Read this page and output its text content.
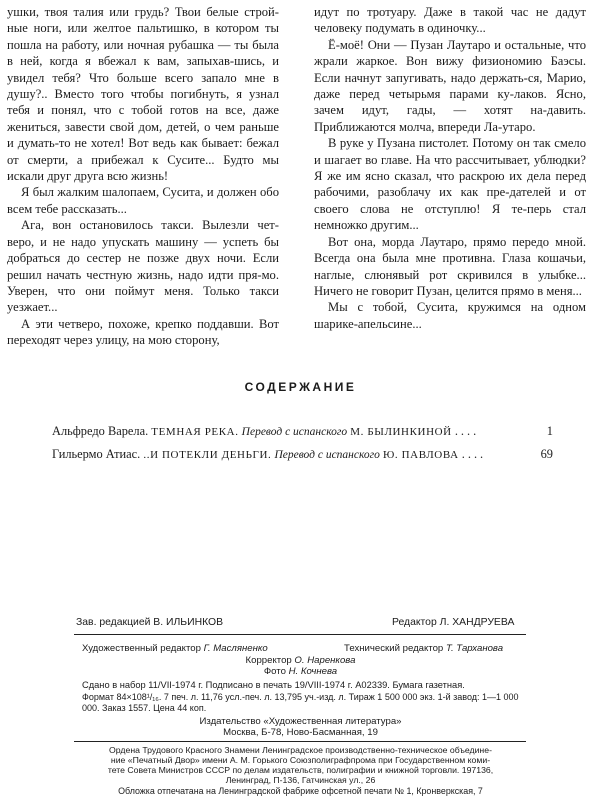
ушки, твоя талия или грудь? Твои белые строй-ные ноги, или желтое пальтишко, в котором ты пошла на работу, или ночная рубашка — ты была в ней, когда я вбежал к вам, запыхав-шись, и увидел тебя? Что больше всего запало мне в душу?.. Вместо того чтобы погибнуть, я узнал тебя и понял, что с тобой готов на все, даже жениться, завести свой дом, детей, о чем раньше и думать-то не хотел! Вот ведь как бывает: бежал от смерти, а прибежал к Сусите... Будто мы искали друг друга всю жизнь!

Я был жалким шалопаем, Сусита, и должен обо всем тебе рассказать...

Ага, вон остановилось такси. Вылезли чет-веро, и не надо упускать машину — успеть бы добраться до сестер не позже двух ночи. Если решил начать честную жизнь, надо идти пря-мо. Уверен, что они поймут меня. Только такси уезжает...

А эти четверо, похоже, крепко поддавши. Вот переходят через улицу, на мою сторону,

идут по тротуару. Даже в такой час не дадут человеку подумать в одиночку...

Ё-моё! Они — Пузан Лаутаро и остальные, что жрали жаркое. Вон вижу физиономию Баэсы. Если начнут запугивать, надо держать-ся, Марио, даже перед четырьмя парами ку-лаков. Ясно, зачем идут, гады, — хотят на-давить. Приближаются молча, впереди Ла-утаро.

В руке у Пузана пистолет. Потому он так смело и шагает во главе. На что рассчитывает, ублюдки? Я же им ясно сказал, что раскрою их дела перед рабочими, разоблачу их как пре-дателей и от своего слова не отступлю! Я те-перь стал немножко другим...

Вот она, морда Лаутаро, прямо передо мной. Всегда она была мне противна. Глаза кошачьи, наглые, слюнявый рот скривился в улыбке... Ничего не говорит Пузан, целится прямо в меня...

Мы с тобой, Сусита, кружимся на одном шарике-апельсине...

СОДЕРЖАНИЕ
Альфредо Варела. ТЕМНАЯ РЕКА. Перевод с испанского М. БЫЛИНКИНОЙ ....	1
Гильермо Атиас. ..И ПОТЕКЛИ ДЕНЬГИ. Перевод с испанского Ю. ПАВЛОВА ....	69
Зав. редакцией В. ИЛЬИНКОВ	Редактор Л. ХАНДРУЕВА
Художественный редактор Г. Масляненко	Технический редактор Т. Тарханова
Корректор О. Наренкова
Фото Н. Кочнева
Сдано в набор 11/VII-1974 г. Подписано в печать 19/VIII-1974 г. А02339. Бумага газетная.
Формат 84×108¹/₁₆. 7 печ. л. 11,76 усл.-печ. л. 13,795 уч.-изд. л. Тираж 1 500 000 экз. 1-й завод: 1—1 000 000. Заказ 1557. Цена 44 коп.
Издательство «Художественная литература»
Москва, Б-78, Ново-Басманная, 19
Ордена Трудового Красного Знамени Ленинградское производственно-техническое объедине-
ние «Печатный Двор» имени А. М. Горького Союзполиграфпрома при Государственном коми-
тете Совета Министров СССР по делам издательств, полиграфии и книжной торговли. 197136,
Ленинград, П-136, Гатчинская ул., 26
Обложка отпечатана на Ленинградской фабрике офсетной печати № 1, Кронверкская, 7
